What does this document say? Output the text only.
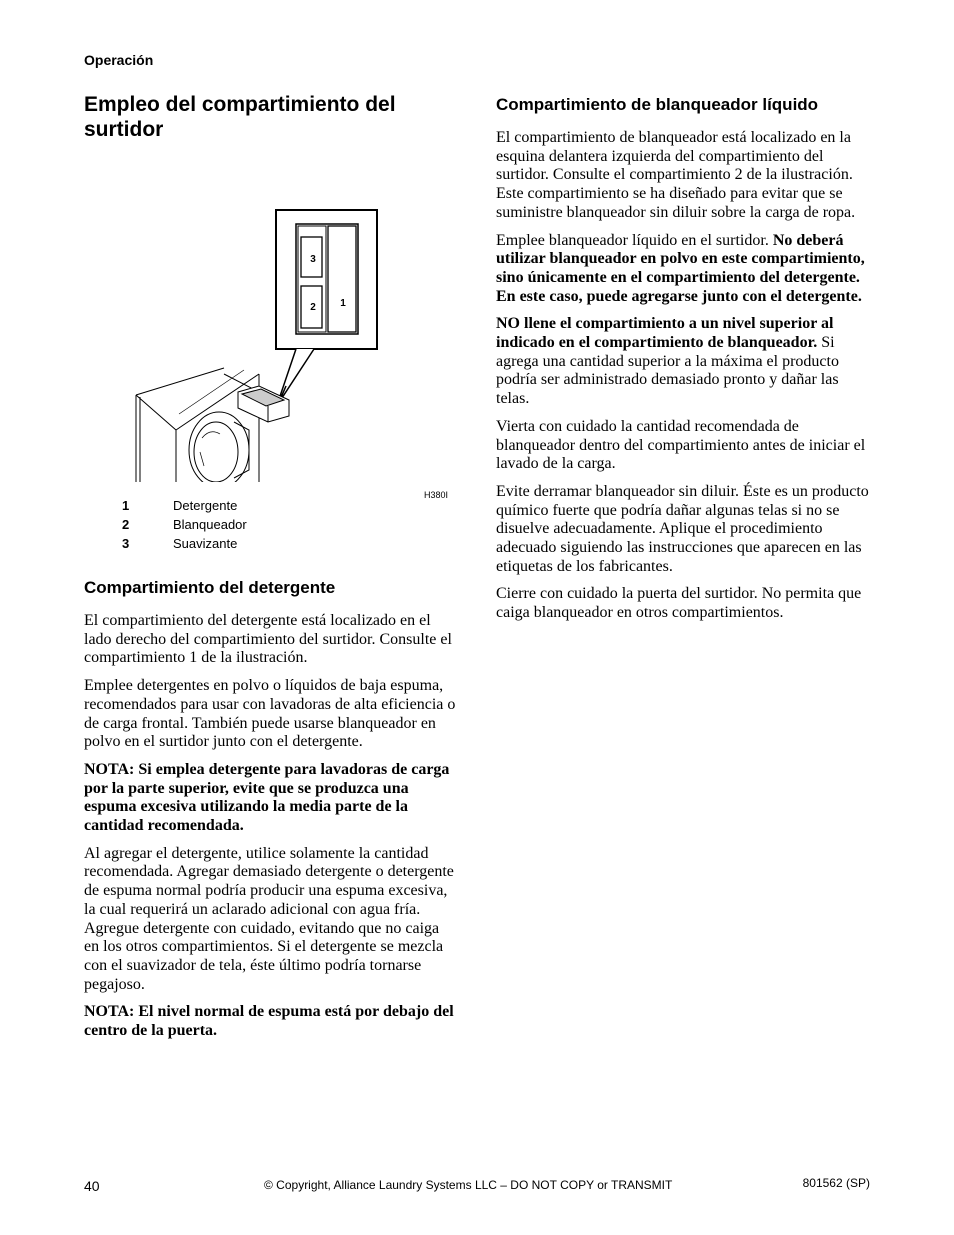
Operación
Empleo del compartimiento del surtidor
3
2 1
H380I
1	Detergente
2	Blanqueador
3	Suavizante
Compartimiento del detergente

El compartimiento del detergente está localizado en el lado derecho del compartimiento del surtidor. Consulte el compartimiento 1 de la ilustración.

Emplee detergentes en polvo o líquidos de baja espuma, recomendados para usar con lavadoras de alta eficiencia o de carga frontal. También puede usarse blanqueador en polvo en el surtidor junto con el detergente.

NOTA: Si emplea detergente para lavadoras de carga por la parte superior, evite que se produzca una espuma excesiva utilizando la media parte de la cantidad recomendada.

Al agregar el detergente, utilice solamente la cantidad recomendada. Agregar demasiado detergente o detergente de espuma normal podría producir una espuma excesiva, la cual requerirá un aclarado adicional con agua fría. Agregue detergente con cuidado, evitando que no caiga en los otros compartimientos. Si el detergente se mezcla con el suavizador de tela, éste último podría tornarse pegajoso.

NOTA: El nivel normal de espuma está por debajo del centro de la puerta.

Compartimiento de blanqueador líquido

El compartimiento de blanqueador está localizado en la esquina delantera izquierda del compartimiento del surtidor. Consulte el compartimiento 2 de la ilustración. Este compartimiento se ha diseñado para evitar que se suministre blanqueador sin diluir sobre la carga de ropa.

Emplee blanqueador líquido en el surtidor. No deberá utilizar blanqueador en polvo en este compartimiento, sino únicamente en el compartimiento del detergente. En este caso, puede agregarse junto con el detergente.

NO llene el compartimiento a un nivel superior al indicado en el compartimiento de blanqueador. Si agrega una cantidad superior a la máxima el producto podría ser administrado demasiado pronto y dañar las telas.

Vierta con cuidado la cantidad recomendada de blanqueador dentro del compartimiento antes de iniciar el lavado de la carga.

Evite derramar blanqueador sin diluir. Éste es un producto químico fuerte que podría dañar algunas telas si no se disuelve adecuadamente. Aplique el procedimiento adecuado siguiendo las instrucciones que aparecen en las etiquetas de los fabricantes.

Cierre con cuidado la puerta del surtidor. No permita que caiga blanqueador en otros compartimientos.

40	© Copyright, Alliance Laundry Systems LLC – DO NOT COPY or TRANSMIT	801562 (SP)
